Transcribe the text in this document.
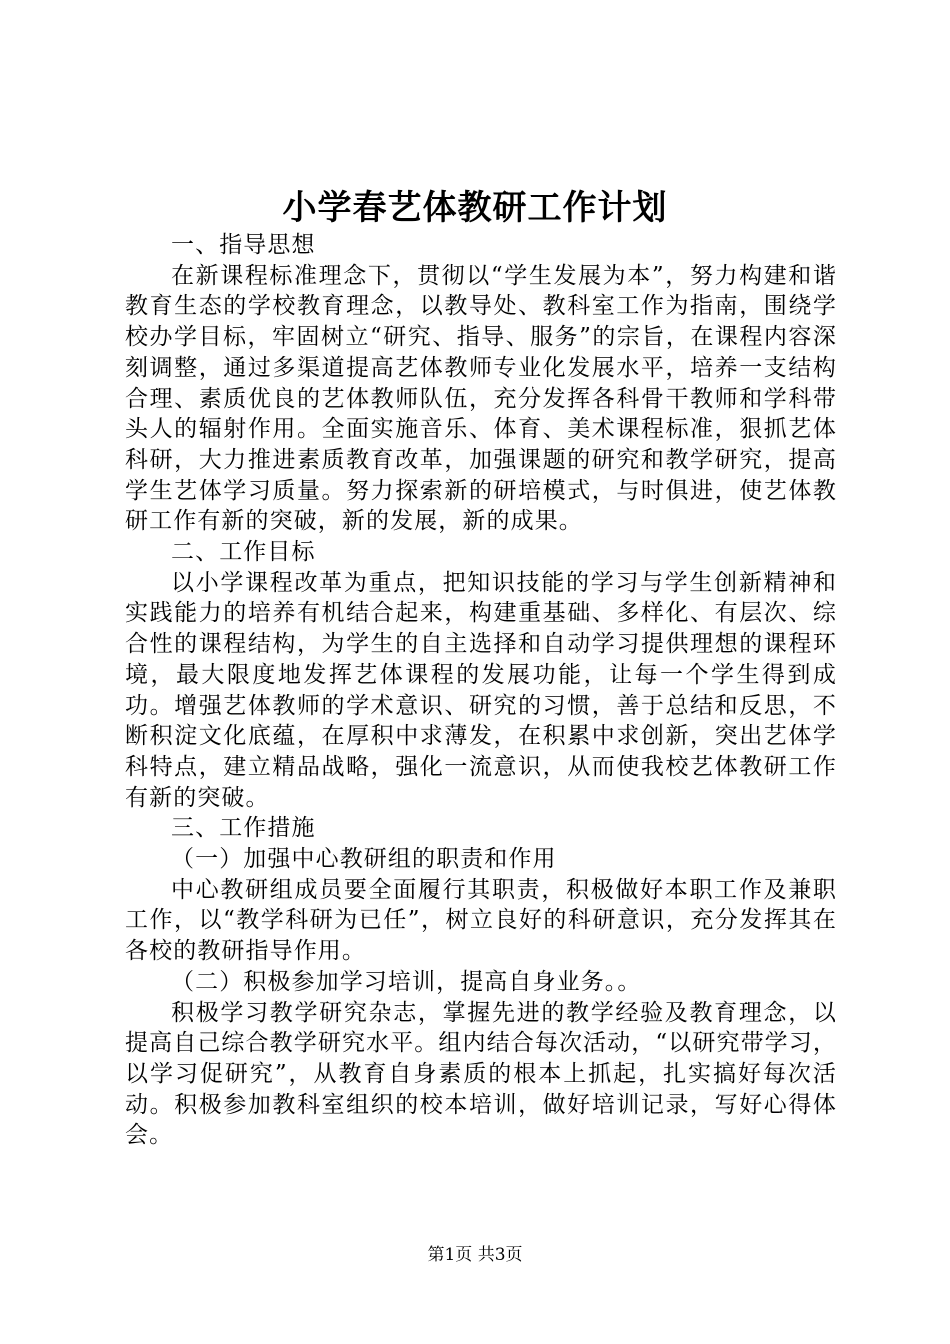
小学春艺体教研工作计划

一、指导思想

在新课程标准理念下，贯彻以“学生发展为本”，努力构建和谐教育生态的学校教育理念，以教导处、教科室工作为指南，围绕学校办学目标，牢固树立“研究、指导、服务”的宗旨，在课程内容深刻调整，通过多渠道提高艺体教师专业化发展水平，培养一支结构合理、素质优良的艺体教师队伍，充分发挥各科骨干教师和学科带头人的辐射作用。全面实施音乐、体育、美术课程标准，狠抓艺体科研，大力推进素质教育改革，加强课题的研究和教学研究，提高学生艺体学习质量。努力探索新的研培模式，与时俱进，使艺体教研工作有新的突破，新的发展，新的成果。

二、工作目标

以小学课程改革为重点，把知识技能的学习与学生创新精神和实践能力的培养有机结合起来，构建重基础、多样化、有层次、综合性的课程结构，为学生的自主选择和自动学习提供理想的课程环境，最大限度地发挥艺体课程的发展功能，让每一个学生得到成功。增强艺体教师的学术意识、研究的习惯，善于总结和反思，不断积淀文化底蕴，在厚积中求薄发，在积累中求创新，突出艺体学科特点，建立精品战略，强化一流意识，从而使我校艺体教研工作有新的突破。

三、工作措施

（一）加强中心教研组的职责和作用

中心教研组成员要全面履行其职责，积极做好本职工作及兼职工作，以“教学科研为已任”，树立良好的科研意识，充分发挥其在各校的教研指导作用。

（二）积极参加学习培训，提高自身业务。。

积极学习教学研究杂志，掌握先进的教学经验及教育理念，以提高自己综合教学研究水平。组内结合每次活动，“以研究带学习，以学习促研究”，从教育自身素质的根本上抓起，扎实搞好每次活动。积极参加教科室组织的校本培训，做好培训记录，写好心得体会。

第1页 共3页
